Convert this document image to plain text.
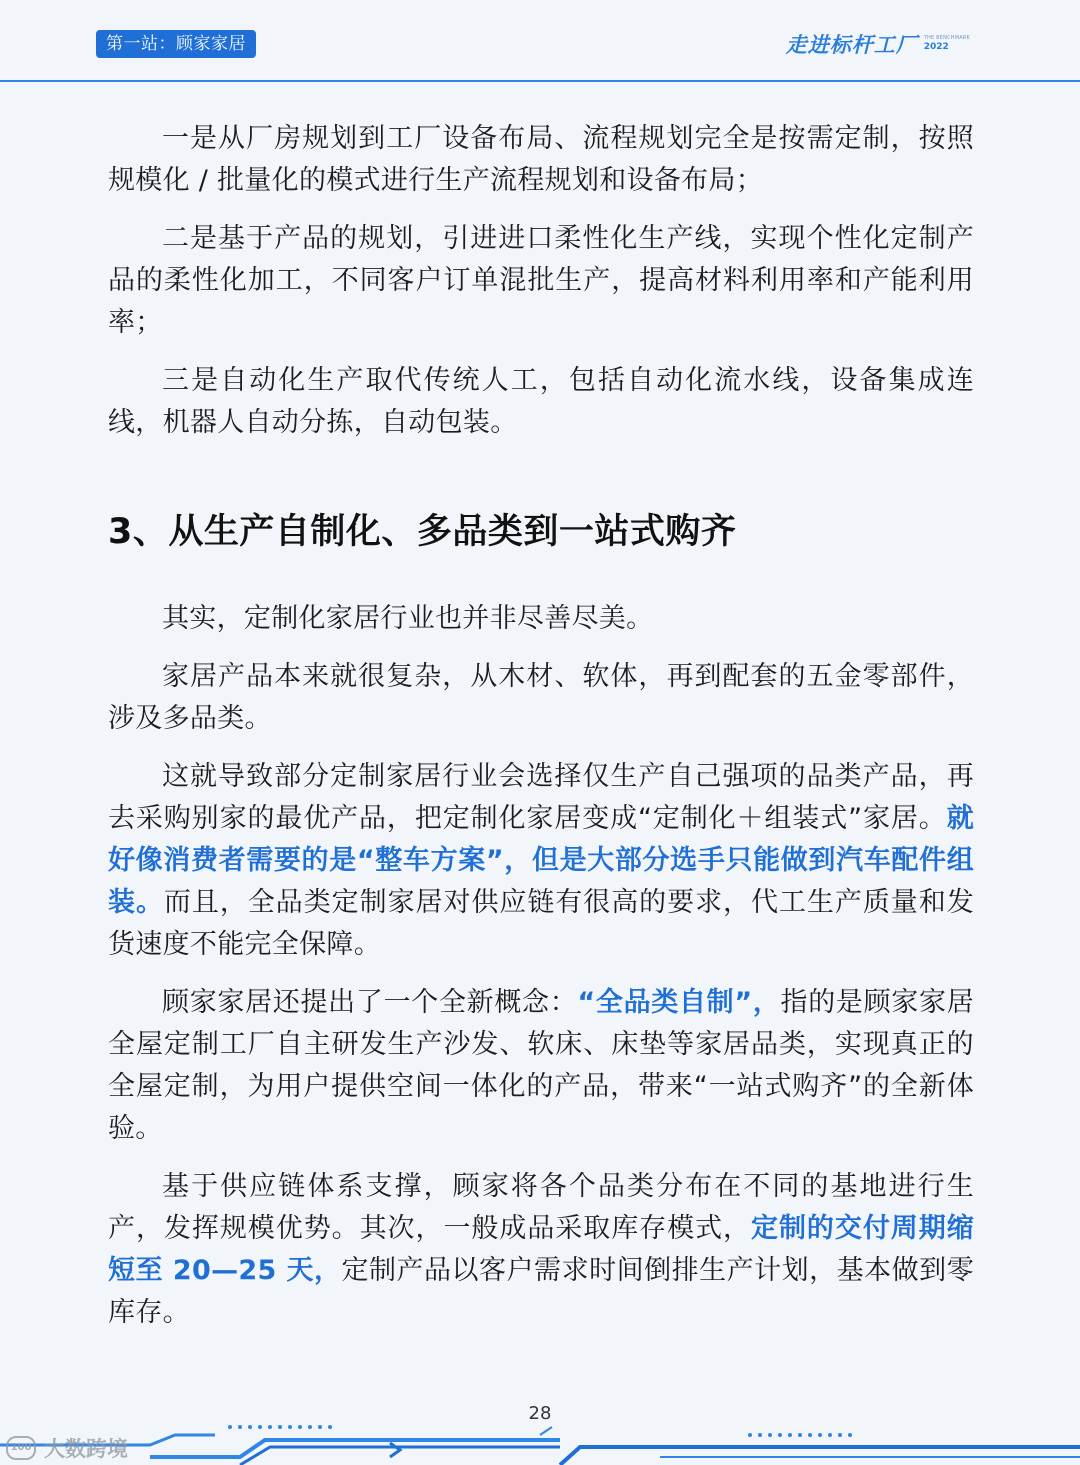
第一站：顾家家居	走进标杆工厂 THE BENCHMARK
2022

一是从厂房规划到工厂设备布局、流程规划完全是按需定制，按照规模化 / 批量化的模式进行生产流程规划和设备布局；

二是基于产品的规划，引进进口柔性化生产线，实现个性化定制产品的柔性化加工，不同客户订单混批生产，提高材料利用率和产能利用率；

三是自动化生产取代传统人工，包括自动化流水线，设备集成连线，机器人自动分拣，自动包装。

3、从生产自制化、多品类到一站式购齐

其实，定制化家居行业也并非尽善尽美。

家居产品本来就很复杂，从木材、软体，再到配套的五金零部件，涉及多品类。

这就导致部分定制家居行业会选择仅生产自己强项的品类产品，再去采购别家的最优产品，把定制化家居变成“定制化＋组装式”家居。就好像消费者需要的是“整车方案”，但是大部分选手只能做到汽车配件组装。而且，全品类定制家居对供应链有很高的要求，代工生产质量和发货速度不能完全保障。

顾家家居还提出了一个全新概念：“全品类自制”，指的是顾家家居全屋定制工厂自主研发生产沙发、软床、床垫等家居品类，实现真正的全屋定制，为用户提供空间一体化的产品，带来“一站式购齐”的全新体验。

基于供应链体系支撑，顾家将各个品类分布在不同的基地进行生产，发挥规模优势。其次，一般成品采取库存模式，定制的交付周期缩短至 20—25 天，定制产品以客户需求时间倒排生产计划，基本做到零库存。

28
100 大数跨境
